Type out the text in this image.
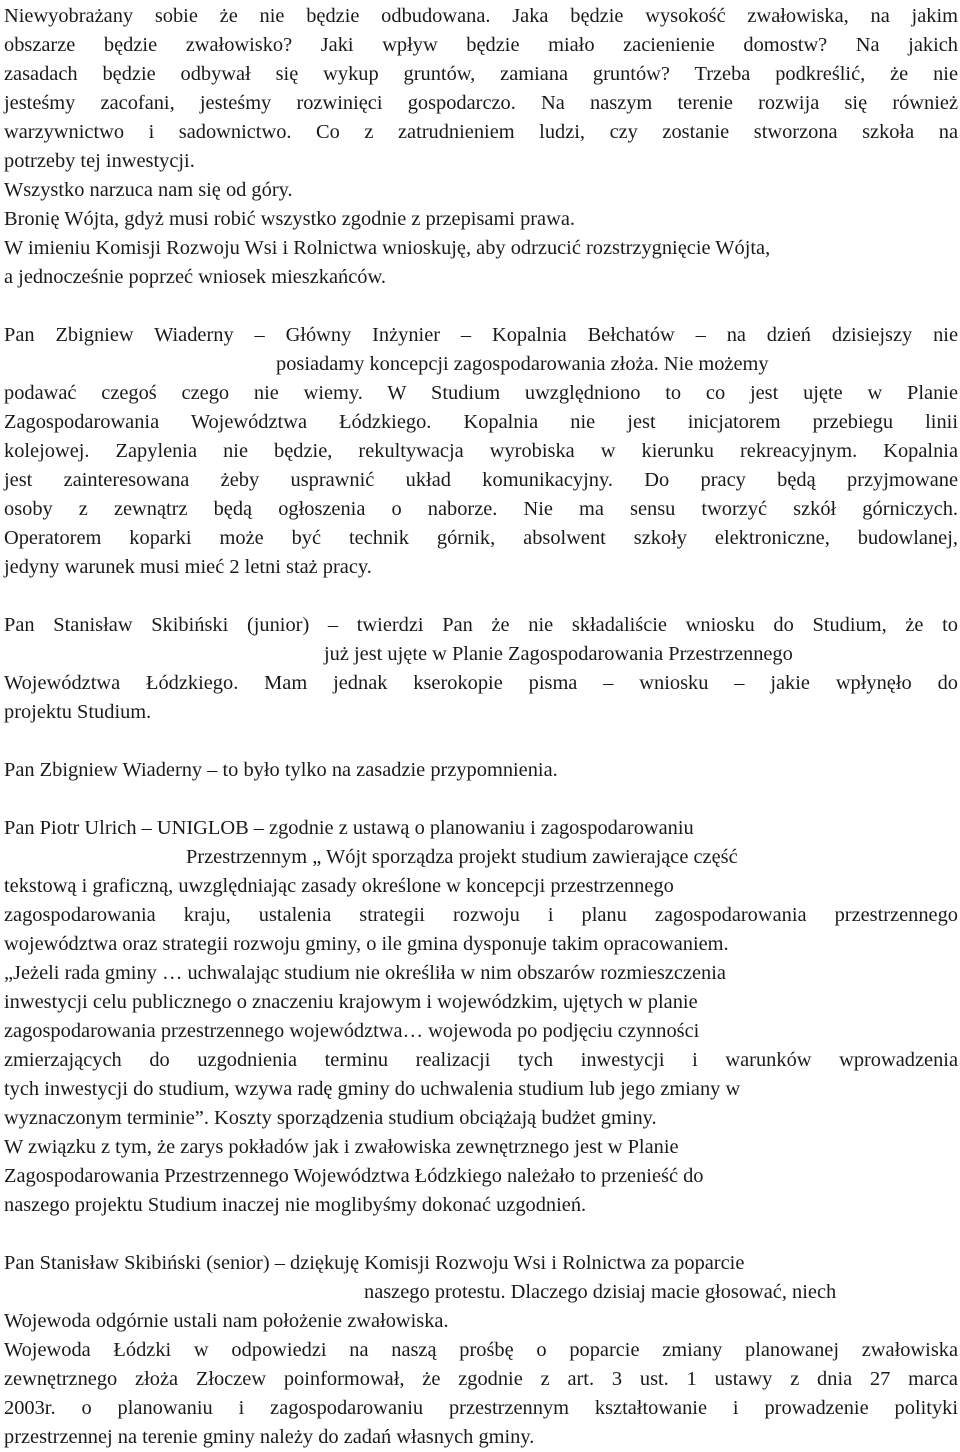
Niewyobrażany sobie że nie będzie odbudowana. Jaka będzie wysokość zwałowiska, na jakim
obszarze będzie zwałowisko? Jaki wpływ będzie miało zacienienie domostw? Na jakich
zasadach będzie odbywał się wykup gruntów, zamiana gruntów? Trzeba podkreślić, że nie
jesteśmy zacofani, jesteśmy rozwinięci gospodarczo. Na naszym terenie rozwija się również
warzywnictwo i sadownictwo. Co z zatrudnieniem ludzi, czy zostanie stworzona szkoła na
potrzeby tej inwestycji.
Wszystko narzuca nam się od góry.
Bronię Wójta, gdyż musi robić wszystko zgodnie z przepisami prawa.
W imieniu Komisji Rozwoju Wsi i Rolnictwa wnioskuję, aby odrzucić rozstrzygnięcie Wójta,
a jednocześnie poprzeć wniosek mieszkańców.
Pan Zbigniew Wiaderny – Główny Inżynier – Kopalnia Bełchatów – na dzień dzisiejszy nie
posiadamy koncepcji zagospodarowania złoża. Nie możemy
podawać czegoś czego nie wiemy. W Studium uwzględniono to co jest ujęte w Planie
Zagospodarowania Województwa Łódzkiego. Kopalnia nie jest inicjatorem przebiegu linii
kolejowej. Zapylenia nie będzie, rekultywacja wyrobiska w kierunku rekreacyjnym. Kopalnia
jest zainteresowana żeby usprawnić układ komunikacyjny. Do pracy będą przyjmowane
osoby z zewnątrz będą ogłoszenia o naborze. Nie ma sensu tworzyć szkół górniczych.
Operatorem koparki może być technik górnik, absolwent szkoły elektroniczne, budowlanej,
jedyny warunek musi mieć 2 letni staż pracy.
Pan Stanisław Skibiński (junior) – twierdzi Pan że nie składaliście wniosku do Studium, że to
już jest ujęte w Planie Zagospodarowania Przestrzennego
Województwa Łódzkiego. Mam jednak kserokopie pisma – wniosku – jakie wpłynęło do
projektu Studium.
Pan Zbigniew Wiaderny – to było tylko na zasadzie przypomnienia.
Pan Piotr Ulrich – UNIGLOB – zgodnie z ustawą o planowaniu i zagospodarowaniu
Przestrzennym „ Wójt sporządza projekt studium zawierające część
tekstową i graficzną, uwzględniając zasady określone w koncepcji przestrzennego
zagospodarowania kraju, ustalenia strategii rozwoju i planu zagospodarowania przestrzennego
województwa oraz strategii rozwoju gminy, o ile gmina dysponuje takim opracowaniem.
„Jeżeli rada gminy … uchwalając studium nie określiła w nim obszarów rozmieszczenia
inwestycji celu publicznego o znaczeniu krajowym i wojewódzkim, ujętych w planie
zagospodarowania przestrzennego województwa… wojewoda po podjęciu czynności
zmierzających do uzgodnienia terminu realizacji tych inwestycji i warunków wprowadzenia
tych inwestycji do studium, wzywa radę gminy do uchwalenia studium lub jego zmiany w
wyznaczonym terminie”. Koszty sporządzenia studium obciążają budżet gminy.
W związku z tym, że zarys pokładów jak i zwałowiska zewnętrznego jest w Planie
Zagospodarowania Przestrzennego Województwa Łódzkiego należało to przenieść do
naszego projektu Studium inaczej nie moglibyśmy dokonać uzgodnień.
Pan Stanisław Skibiński (senior) – dziękuję Komisji Rozwoju Wsi i Rolnictwa za poparcie
naszego protestu. Dlaczego dzisiaj macie głosować, niech
Wojewoda odgórnie ustali nam położenie zwałowiska.
Wojewoda Łódzki w odpowiedzi na naszą prośbę o poparcie zmiany planowanej zwałowiska
zewnętrznego złoża Złoczew poinformował, że zgodnie z art. 3 ust. 1 ustawy z dnia 27 marca
2003r. o planowaniu i zagospodarowaniu przestrzennym kształtowanie i prowadzenie polityki
przestrzennej na terenie gminy należy do zadań własnych gminy.
